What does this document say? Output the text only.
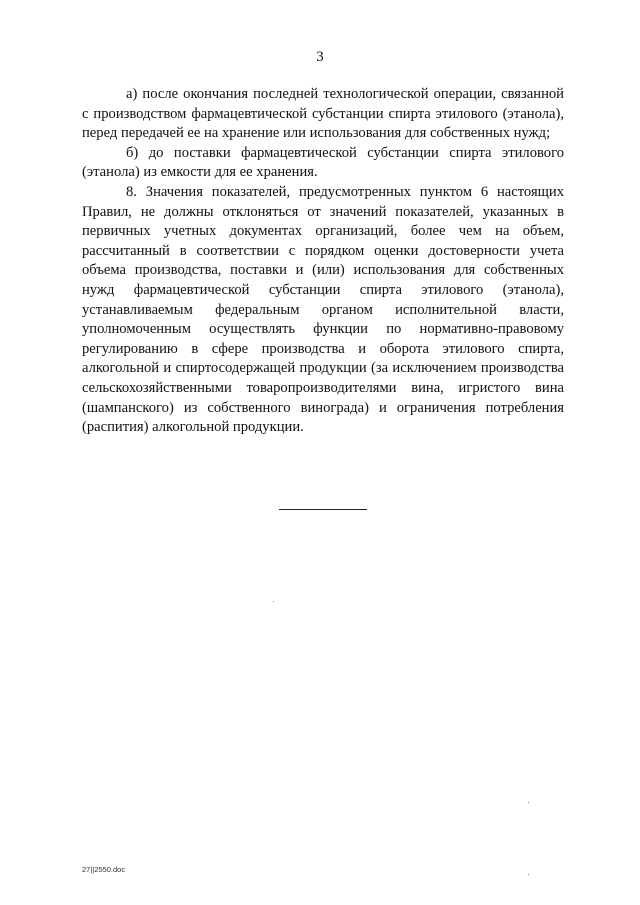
3

а) после окончания последней технологической операции, связанной с производством фармацевтической субстанции спирта этилового (этанола), перед передачей ее на хранение или использования для собственных нужд;

б) до поставки фармацевтической субстанции спирта этилового (этанола) из емкости для ее хранения.

8. Значения показателей, предусмотренных пунктом 6 настоящих Правил, не должны отклоняться от значений показателей, указанных в первичных учетных документах организаций, более чем на объем, рассчитанный в соответствии с порядком оценки достоверности учета объема производства, поставки и (или) использования для собственных нужд фармацевтической субстанции спирта этилового (этанола), устанавливаемым федеральным органом исполнительной власти, уполномоченным осуществлять функции по нормативно-правовому регулированию в сфере производства и оборота этилового спирта, алкогольной и спиртосодержащей продукции (за исключением производства сельскохозяйственными товаропроизводителями вина, игристого вина (шампанского) из собственного винограда) и ограничения потребления (распития) алкогольной продукции.

27||2550.doc
